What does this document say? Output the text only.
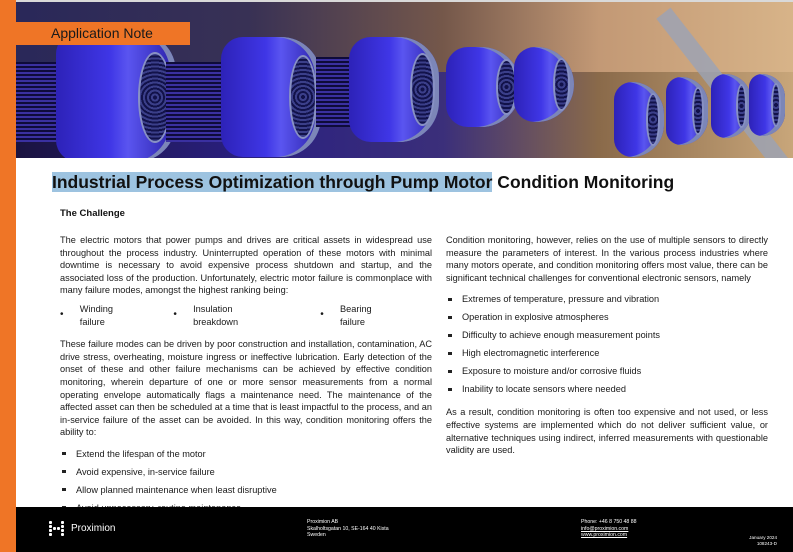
Application Note
Industrial Process Optimization through Pump Motor Condition Monitoring
The Challenge

The electric motors that power pumps and drives are critical assets in widespread use throughout the process industry. Uninterrupted operation of these motors with minimal downtime is necessary to avoid expensive process shutdown and startup, and the associated loss of the production. Unfortunately, electric motor failure is commonplace with many failure modes, amongst the highest ranking being:

•
Winding failure
•
Insulation breakdown
•
Bearing failure

These failure modes can be driven by poor construction and installation, contamination, AC drive stress, overheating, moisture ingress or ineffective lubrication. Early detection of the onset of these and other failure mechanisms can be achieved by effective condition monitoring, wherein departure of one or more sensor measurements from a normal operating envelope automatically flags a maintenance need. The maintenance of the affected asset can then be scheduled at a time that is least impactful to the process, and an in-service failure of the asset can be avoided. In this way, condition monitoring offers the ability to:

Extend the lifespan of the motor
Avoid expensive, in-service failure
Allow planned maintenance when least disruptive

Condition monitoring, however, relies on the use of multiple sensors to directly measure the parameters of interest. In the various process industries where many motors operate, and condition monitoring offers most value, there can be significant technical challenges for conventional electronic sensors, namely

Extremes of temperature, pressure and vibration
Operation in explosive atmospheres
Difficulty to achieve enough measurement points
High electromagnetic interference
Exposure to moisture and/or corrosive fluids
Inability to locate sensors where needed

As a result, condition monitoring is often too expensive and not used, or less effective systems are implemented which do not deliver sufficient value, or alternative techniques using indirect, inferred measurements with questionable validity are used.

Proximion
Proximion AB
Skalholtsgatan 10, SE-164 40 Kista
Sweden
Phone: +46 8 750 48 88
info@proximion.com
www.proximion.com	January 2024
108243-D
